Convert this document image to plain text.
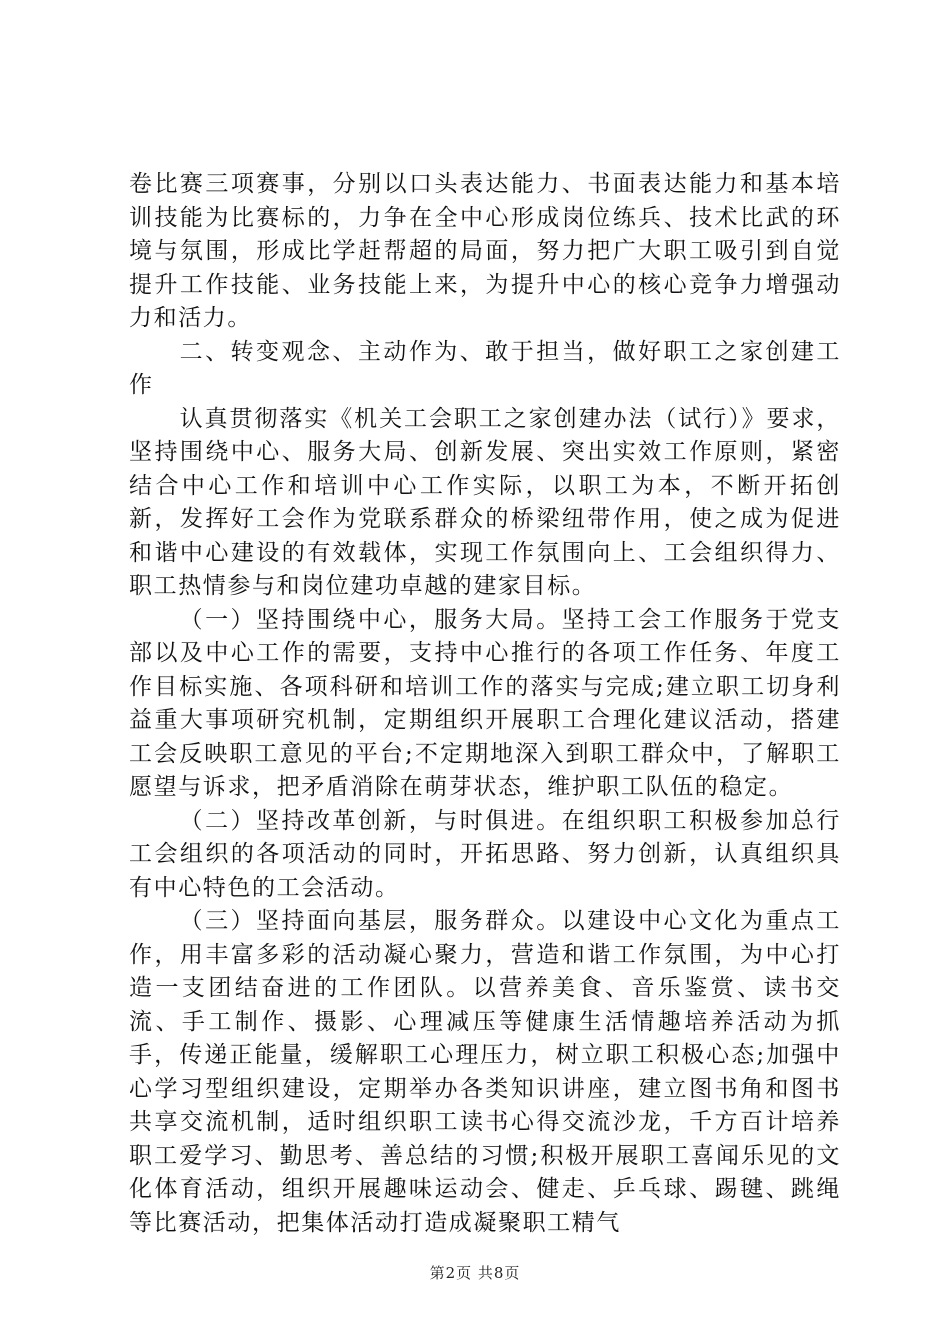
卷比赛三项赛事，分别以口头表达能力、书面表达能力和基本培训技能为比赛标的，力争在全中心形成岗位练兵、技术比武的环境与氛围，形成比学赶帮超的局面，努力把广大职工吸引到自觉提升工作技能、业务技能上来，为提升中心的核心竞争力增强动力和活力。

二、转变观念、主动作为、敢于担当，做好职工之家创建工作

认真贯彻落实《机关工会职工之家创建办法（试行）》要求，坚持围绕中心、服务大局、创新发展、突出实效工作原则，紧密结合中心工作和培训中心工作实际，以职工为本，不断开拓创新，发挥好工会作为党联系群众的桥梁纽带作用，使之成为促进和谐中心建设的有效载体，实现工作氛围向上、工会组织得力、职工热情参与和岗位建功卓越的建家目标。

（一）坚持围绕中心，服务大局。坚持工会工作服务于党支部以及中心工作的需要，支持中心推行的各项工作任务、年度工作目标实施、各项科研和培训工作的落实与完成;建立职工切身利益重大事项研究机制，定期组织开展职工合理化建议活动，搭建工会反映职工意见的平台;不定期地深入到职工群众中，了解职工愿望与诉求，把矛盾消除在萌芽状态，维护职工队伍的稳定。

（二）坚持改革创新，与时俱进。在组织职工积极参加总行工会组织的各项活动的同时，开拓思路、努力创新，认真组织具有中心特色的工会活动。

（三）坚持面向基层，服务群众。以建设中心文化为重点工作，用丰富多彩的活动凝心聚力，营造和谐工作氛围，为中心打造一支团结奋进的工作团队。以营养美食、音乐鉴赏、读书交流、手工制作、摄影、心理减压等健康生活情趣培养活动为抓手，传递正能量，缓解职工心理压力，树立职工积极心态;加强中心学习型组织建设，定期举办各类知识讲座，建立图书角和图书共享交流机制，适时组织职工读书心得交流沙龙，千方百计培养职工爱学习、勤思考、善总结的习惯;积极开展职工喜闻乐见的文化体育活动，组织开展趣味运动会、健走、乒乓球、踢毽、跳绳等比赛活动，把集体活动打造成凝聚职工精气

第2页 共8页
